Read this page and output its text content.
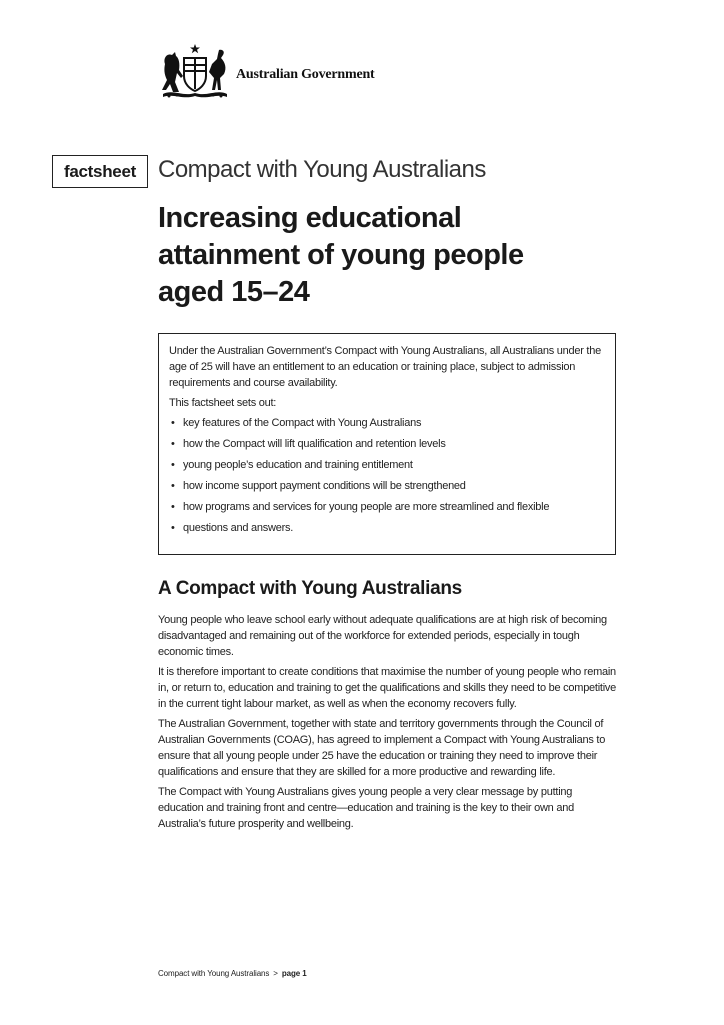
Australian Government
factsheet Compact with Young Australians
Increasing educational
attainment of young people
aged 15–24

Under the Australian Government’s Compact with Young Australians, all Australians under the age of 25 will have an entitlement to an education or training place, subject to admission requirements and course availability.

This factsheet sets out:

• key features of the Compact with Young Australians
• how the Compact will lift qualification and retention levels
• young people’s education and training entitlement
• how income support payment conditions will be strengthened
• how programs and services for young people are more streamlined and flexible
• questions and answers.
A Compact with Young Australians

Young people who leave school early without adequate qualifications are at high risk of becoming disadvantaged and remaining out of the workforce for extended periods, especially in tough economic times.

It is therefore important to create conditions that maximise the number of young people who remain in, or return to, education and training to get the qualifications and skills they need to be competitive in the current tight labour market, as well as when the economy recovers fully.

The Australian Government, together with state and territory governments through the Council of Australian Governments (COAG), has agreed to implement a Compact with Young Australians to ensure that all young people under 25 have the education or training they need to improve their qualifications and ensure that they are skilled for a more productive and rewarding life.

The Compact with Young Australians gives young people a very clear message by putting education and training front and centre—education and training is the key to their own and Australia’s future prosperity and wellbeing.

Compact with Young Australians > page 1
